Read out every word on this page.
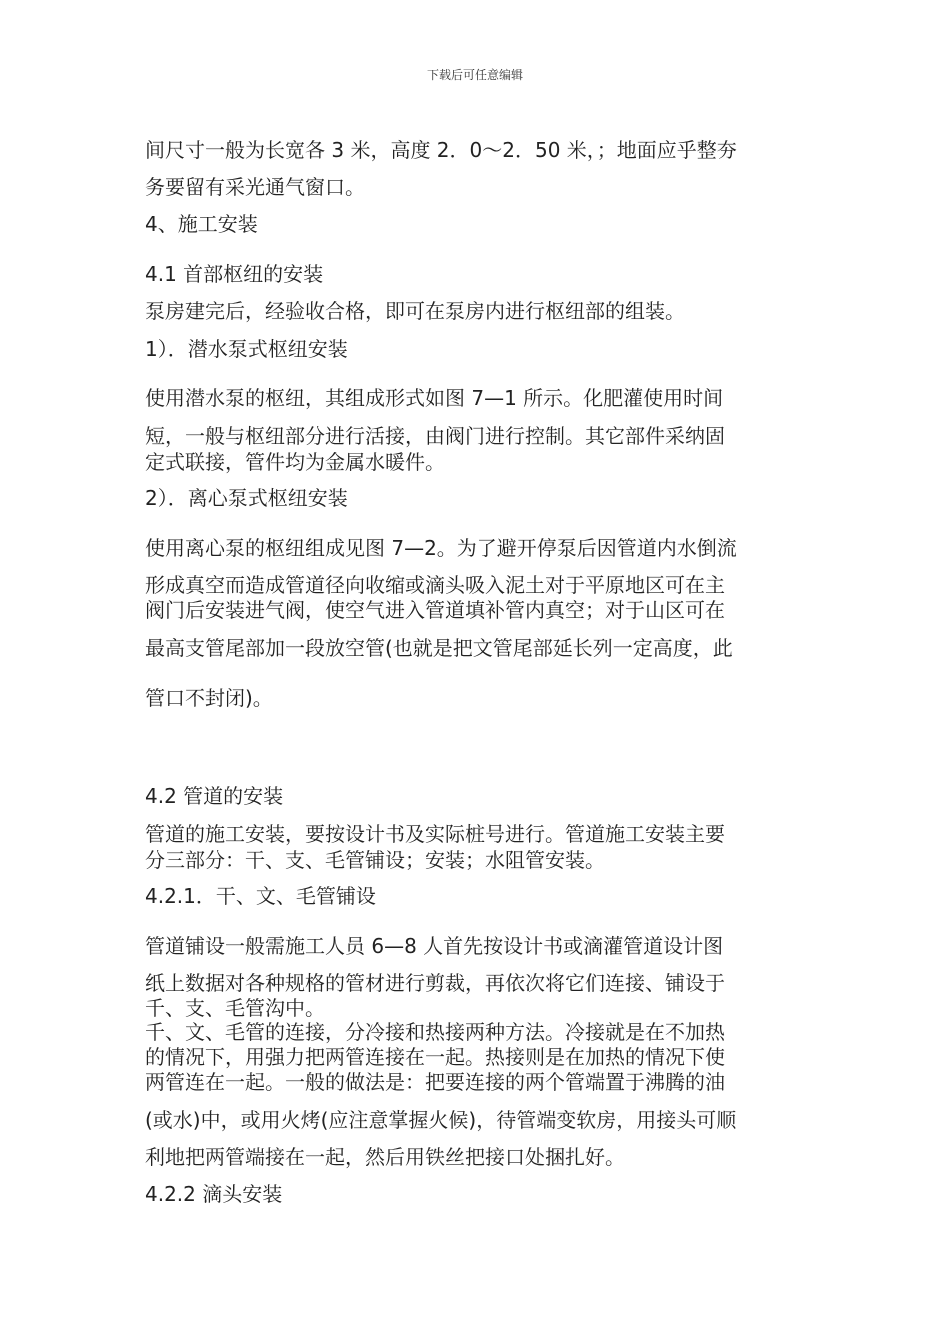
下载后可任意编辑
间尺寸一般为长宽各 3 米，高度 2．0～2．50 米，；地面应乎整夯
务要留有采光通气窗口。
4、施工安装
4.1 首部枢纽的安装
泵房建完后，经验收合格，即可在泵房内进行枢纽部的组装。
1）．潜水泵式枢纽安装
使用潜水泵的枢纽，其组成形式如图 7—1 所示。化肥灌使用时间
短，一般与枢纽部分进行活接，由阀门进行控制。其它部件采纳固
定式联接，管件均为金属水暖件。
2）．离心泵式枢纽安装
使用离心泵的枢纽组成见图 7—2。为了避开停泵后因管道内水倒流
形成真空而造成管道径向收缩或滴头吸入泥土对于平原地区可在主
阀门后安装进气阀，使空气进入管道填补管内真空；对于山区可在
最高支管尾部加一段放空管(也就是把文管尾部延长列一定高度，此
管口不封闭)。
4.2 管道的安装
管道的施工安装，要按设计书及实际桩号进行。管道施工安装主要
分三部分：干、支、毛管铺设；安装；水阻管安装。
4.2.1．干、文、毛管铺设
管道铺设一般需施工人员 6—8 人首先按设计书或滴灌管道设计图
纸上数据对各种规格的管材进行剪裁，再依次将它们连接、铺设于
千、支、毛管沟中。
千、文、毛管的连接，分冷接和热接两种方法。冷接就是在不加热
的情况下，用强力把两管连接在一起。热接则是在加热的情况下使
两管连在一起。一般的做法是：把要连接的两个管端置于沸腾的油
(或水)中，或用火烤(应注意掌握火候)，待管端变软房，用接头可顺
利地把两管端接在一起，然后用铁丝把接口处捆扎好。
4.2.2 滴头安装
